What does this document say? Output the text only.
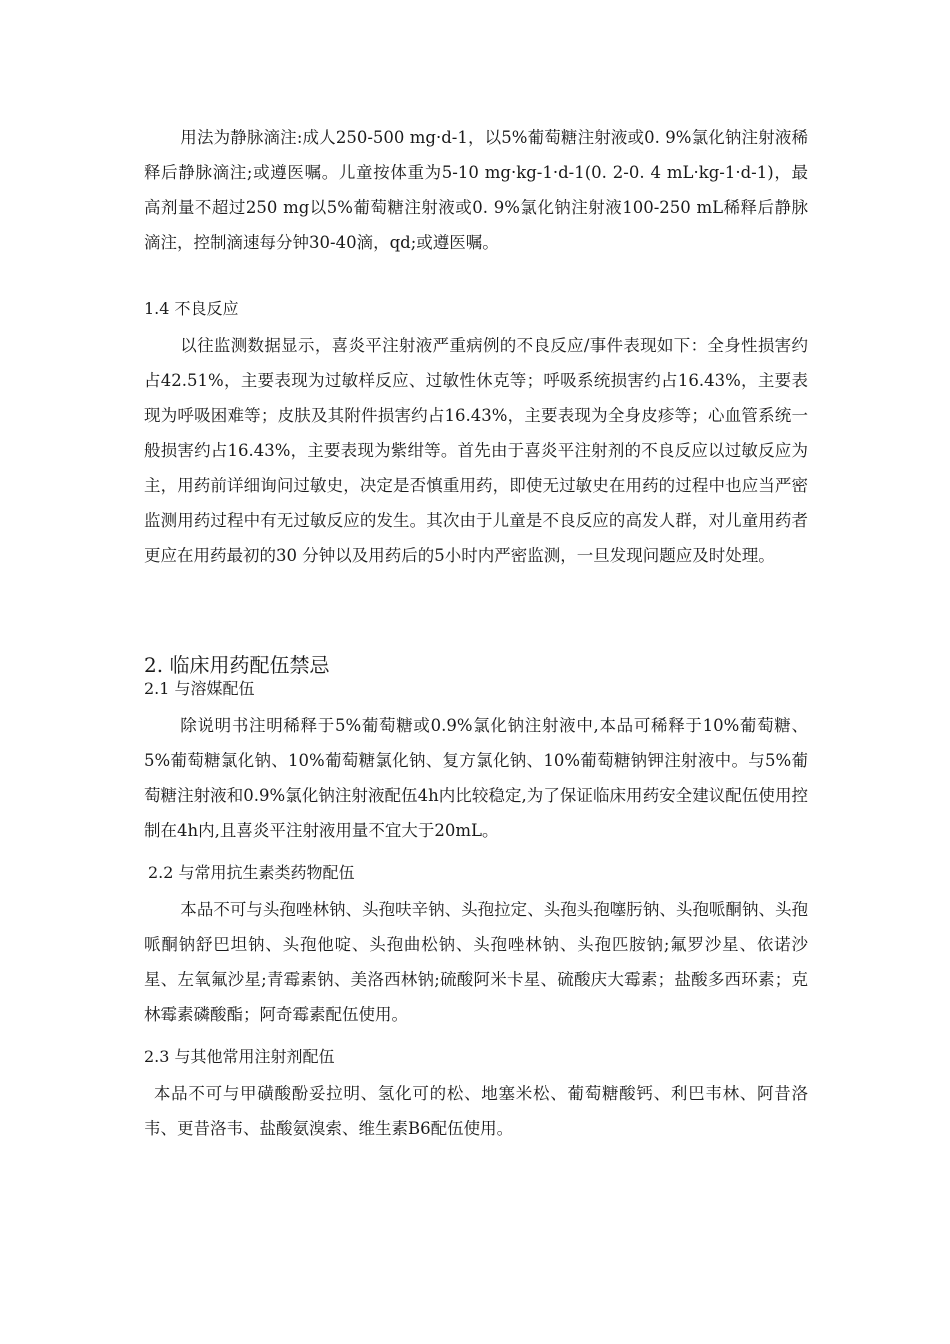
用法为静脉滴注:成人250-500 mg·d-1，以5%葡萄糖注射液或0. 9%氯化钠注射液稀释后静脉滴注;或遵医嘱。儿童按体重为5-10 mg·kg-1·d-1(0. 2-0. 4 mL·kg-1·d-1)，最高剂量不超过250 mg以5%葡萄糖注射液或0. 9%氯化钠注射液100-250 mL稀释后静脉滴注，控制滴速每分钟30-40滴，qd;或遵医嘱。

1.4 不良反应

以往监测数据显示，喜炎平注射液严重病例的不良反应/事件表现如下：全身性损害约占42.51%，主要表现为过敏样反应、过敏性休克等；呼吸系统损害约占16.43%，主要表现为呼吸困难等；皮肤及其附件损害约占16.43%，主要表现为全身皮疹等；心血管系统一般损害约占16.43%，主要表现为紫绀等。首先由于喜炎平注射剂的不良反应以过敏反应为主，用药前详细询问过敏史，决定是否慎重用药，即使无过敏史在用药的过程中也应当严密监测用药过程中有无过敏反应的发生。其次由于儿童是不良反应的高发人群，对儿童用药者更应在用药最初的30 分钟以及用药后的5小时内严密监测，一旦发现问题应及时处理。

2. 临床用药配伍禁忌
2.1 与溶媒配伍

除说明书注明稀释于5%葡萄糖或0.9%氯化钠注射液中,本品可稀释于10%葡萄糖、5%葡萄糖氯化钠、10%葡萄糖氯化钠、复方氯化钠、10%葡萄糖钠钾注射液中。与5%葡萄糖注射液和0.9%氯化钠注射液配伍4h内比较稳定,为了保证临床用药安全建议配伍使用控制在4h内,且喜炎平注射液用量不宜大于20mL。

2.2 与常用抗生素类药物配伍

本品不可与头孢唑林钠、头孢呋辛钠、头孢拉定、头孢头孢噻肟钠、头孢哌酮钠、头孢哌酮钠舒巴坦钠、头孢他啶、头孢曲松钠、头孢唑林钠、头孢匹胺钠;氟罗沙星、依诺沙星、左氧氟沙星;青霉素钠、美洛西林钠;硫酸阿米卡星、硫酸庆大霉素；盐酸多西环素；克林霉素磷酸酯；阿奇霉素配伍使用。

2.3 与其他常用注射剂配伍

本品不可与甲磺酸酚妥拉明、氢化可的松、地塞米松、葡萄糖酸钙、利巴韦林、阿昔洛韦、更昔洛韦、盐酸氨溴索、维生素B6配伍使用。
